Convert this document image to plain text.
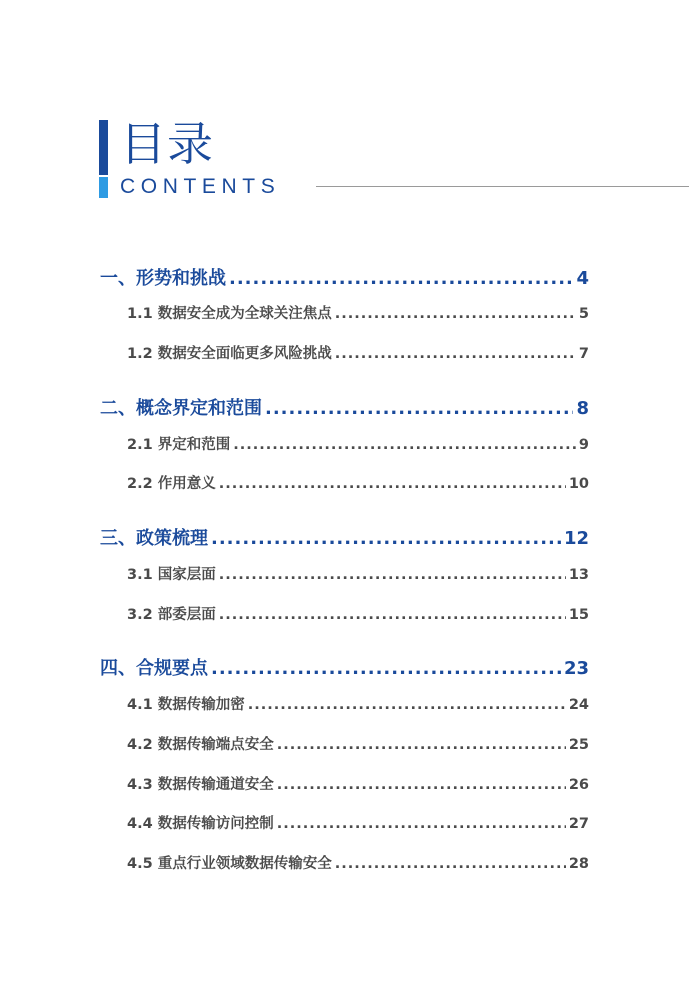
目录
CONTENTS
一、形势和挑战 .....	4
1.1 数据安全成为全球关注焦点 .....	5
1.2 数据安全面临更多风险挑战 .....	7
二、概念界定和范围 .....	8
2.1 界定和范围 .....	9
2.2 作用意义 .....	10
三、政策梳理 .....	12
3.1 国家层面 .....	13
3.2 部委层面 .....	15
四、合规要点 .....	23
4.1 数据传输加密 .....	24
4.2 数据传输端点安全 .....	25
4.3 数据传输通道安全 .....	26
4.4 数据传输访问控制 .....	27
4.5 重点行业领域数据传输安全 .....	28
